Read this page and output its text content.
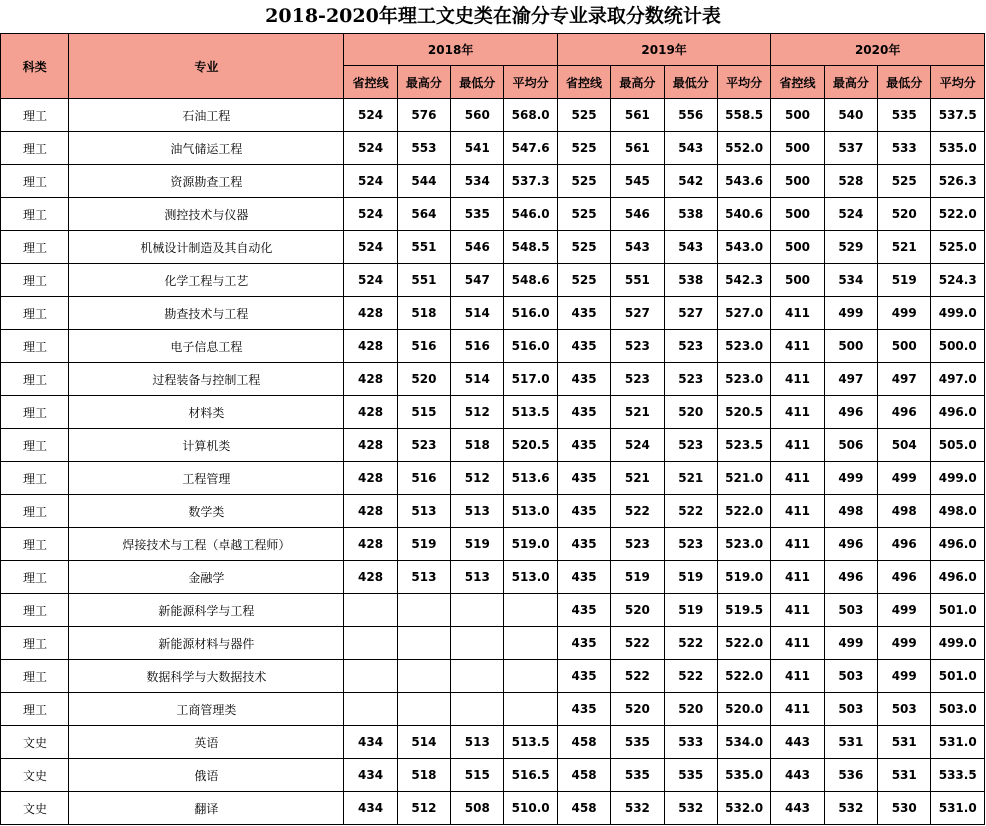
2018-2020年理工文史类在渝分专业录取分数统计表
科类	专业	2018年				2019年				2020年			
		省控线	最高分	最低分	平均分	省控线	最高分	最低分	平均分	省控线	最高分	最低分	平均分
理工	石油工程	524	576	560	568.0	525	561	556	558.5	500	540	535	537.5
理工	油气储运工程	524	553	541	547.6	525	561	543	552.0	500	537	533	535.0
理工	资源勘查工程	524	544	534	537.3	525	545	542	543.6	500	528	525	526.3
理工	测控技术与仪器	524	564	535	546.0	525	546	538	540.6	500	524	520	522.0
理工	机械设计制造及其自动化	524	551	546	548.5	525	543	543	543.0	500	529	521	525.0
理工	化学工程与工艺	524	551	547	548.6	525	551	538	542.3	500	534	519	524.3
理工	勘查技术与工程	428	518	514	516.0	435	527	527	527.0	411	499	499	499.0
理工	电子信息工程	428	516	516	516.0	435	523	523	523.0	411	500	500	500.0
理工	过程装备与控制工程	428	520	514	517.0	435	523	523	523.0	411	497	497	497.0
理工	材料类	428	515	512	513.5	435	521	520	520.5	411	496	496	496.0
理工	计算机类	428	523	518	520.5	435	524	523	523.5	411	506	504	505.0
理工	工程管理	428	516	512	513.6	435	521	521	521.0	411	499	499	499.0
理工	数学类	428	513	513	513.0	435	522	522	522.0	411	498	498	498.0
理工	焊接技术与工程（卓越工程师）	428	519	519	519.0	435	523	523	523.0	411	496	496	496.0
理工	金融学	428	513	513	513.0	435	519	519	519.0	411	496	496	496.0
理工	新能源科学与工程					435	520	519	519.5	411	503	499	501.0
理工	新能源材料与器件					435	522	522	522.0	411	499	499	499.0
理工	数据科学与大数据技术					435	522	522	522.0	411	503	499	501.0
理工	工商管理类					435	520	520	520.0	411	503	503	503.0
文史	英语	434	514	513	513.5	458	535	533	534.0	443	531	531	531.0
文史	俄语	434	518	515	516.5	458	535	535	535.0	443	536	531	533.5
文史	翻译	434	512	508	510.0	458	532	532	532.0	443	532	530	531.0
